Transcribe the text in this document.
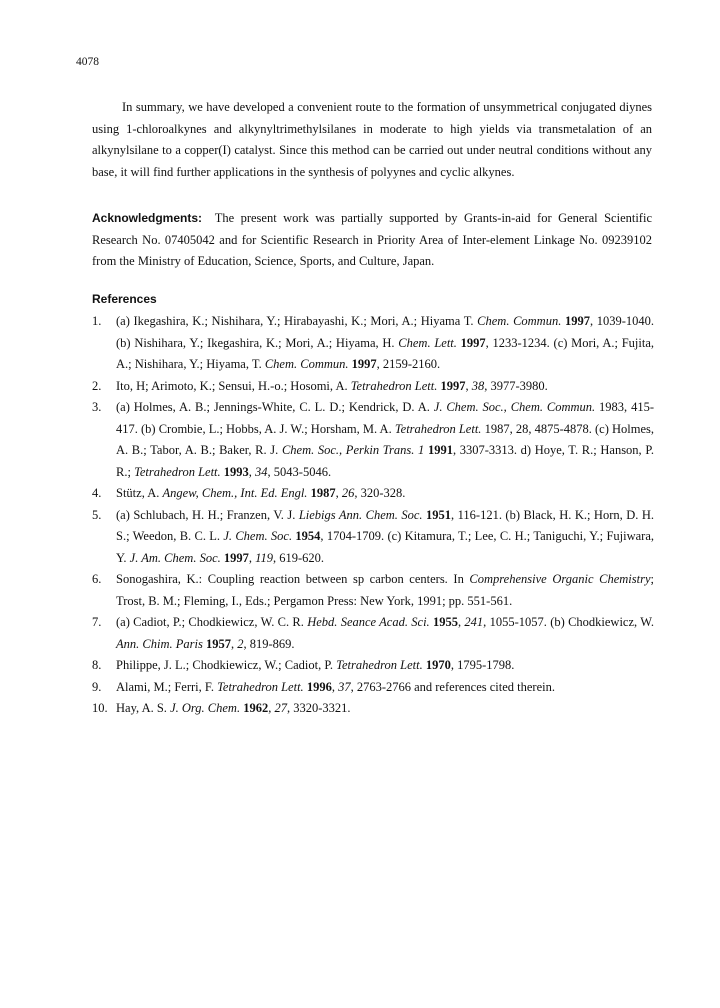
4078

In summary, we have developed a convenient route to the formation of unsymmetrical conjugated diynes using 1-chloroalkynes and alkynyltrimethylsilanes in moderate to high yields via transmetalation of an alkynylsilane to a copper(I) catalyst. Since this method can be carried out under neutral conditions without any base, it will find further applications in the synthesis of polyynes and cyclic alkynes.

Acknowledgments: The present work was partially supported by Grants-in-aid for General Scientific Research No. 07405042 and for Scientific Research in Priority Area of Inter-element Linkage No. 09239102 from the Ministry of Education, Science, Sports, and Culture, Japan.

References
1.	(a) Ikegashira, K.; Nishihara, Y.; Hirabayashi, K.; Mori, A.; Hiyama T. Chem. Commun. 1997, 1039-1040. (b) Nishihara, Y.; Ikegashira, K.; Mori, A.; Hiyama, H. Chem. Lett. 1997, 1233-1234. (c) Mori, A.; Fujita, A.; Nishihara, Y.; Hiyama, T. Chem. Commun. 1997, 2159-2160.
2.	Ito, H; Arimoto, K.; Sensui, H.-o.; Hosomi, A. Tetrahedron Lett. 1997, 38, 3977-3980.
3.	(a) Holmes, A. B.; Jennings-White, C. L. D.; Kendrick, D. A. J. Chem. Soc., Chem. Commun. 1983, 415-417. (b) Crombie, L.; Hobbs, A. J. W.; Horsham, M. A. Tetrahedron Lett. 1987, 28, 4875-4878. (c) Holmes, A. B.; Tabor, A. B.; Baker, R. J. Chem. Soc., Perkin Trans. 1 1991, 3307-3313. d) Hoye, T. R.; Hanson, P. R.; Tetrahedron Lett. 1993, 34, 5043-5046.
4.	Stütz, A. Angew, Chem., Int. Ed. Engl. 1987, 26, 320-328.
5.	(a) Schlubach, H. H.; Franzen, V. J. Liebigs Ann. Chem. Soc. 1951, 116-121. (b) Black, H. K.; Horn, D. H. S.; Weedon, B. C. L. J. Chem. Soc. 1954, 1704-1709. (c) Kitamura, T.; Lee, C. H.; Taniguchi, Y.; Fujiwara, Y. J. Am. Chem. Soc. 1997, 119, 619-620.
6.	Sonogashira, K.: Coupling reaction between sp carbon centers. In Comprehensive Organic Chemistry; Trost, B. M.; Fleming, I., Eds.; Pergamon Press: New York, 1991; pp. 551-561.
7.	(a) Cadiot, P.; Chodkiewicz, W. C. R. Hebd. Seance Acad. Sci. 1955, 241, 1055-1057. (b) Chodkiewicz, W. Ann. Chim. Paris 1957, 2, 819-869.
8.	Philippe, J. L.; Chodkiewicz, W.; Cadiot, P. Tetrahedron Lett. 1970, 1795-1798.
9.	Alami, M.; Ferri, F. Tetrahedron Lett. 1996, 37, 2763-2766 and references cited therein.
10. Hay, A. S. J. Org. Chem. 1962, 27, 3320-3321.
